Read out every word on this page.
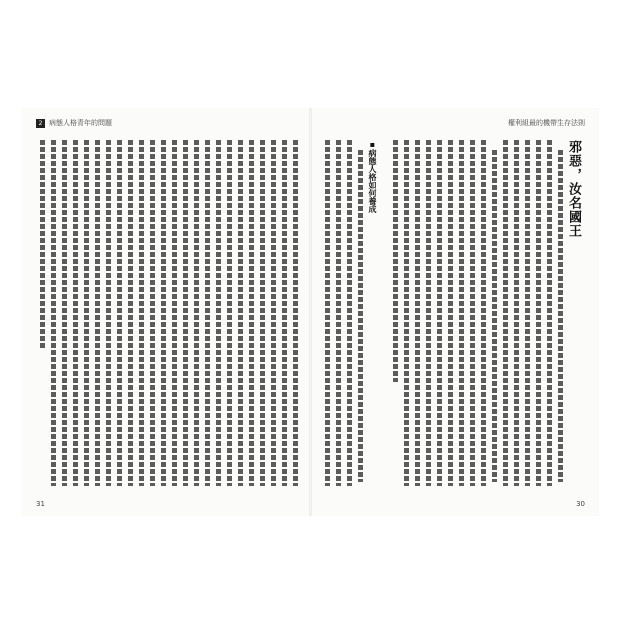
2 病態人格青年的問題
31
權利組最的機帶生存法則
邪惡，汝名國王
▪病態人格如何養成
30
